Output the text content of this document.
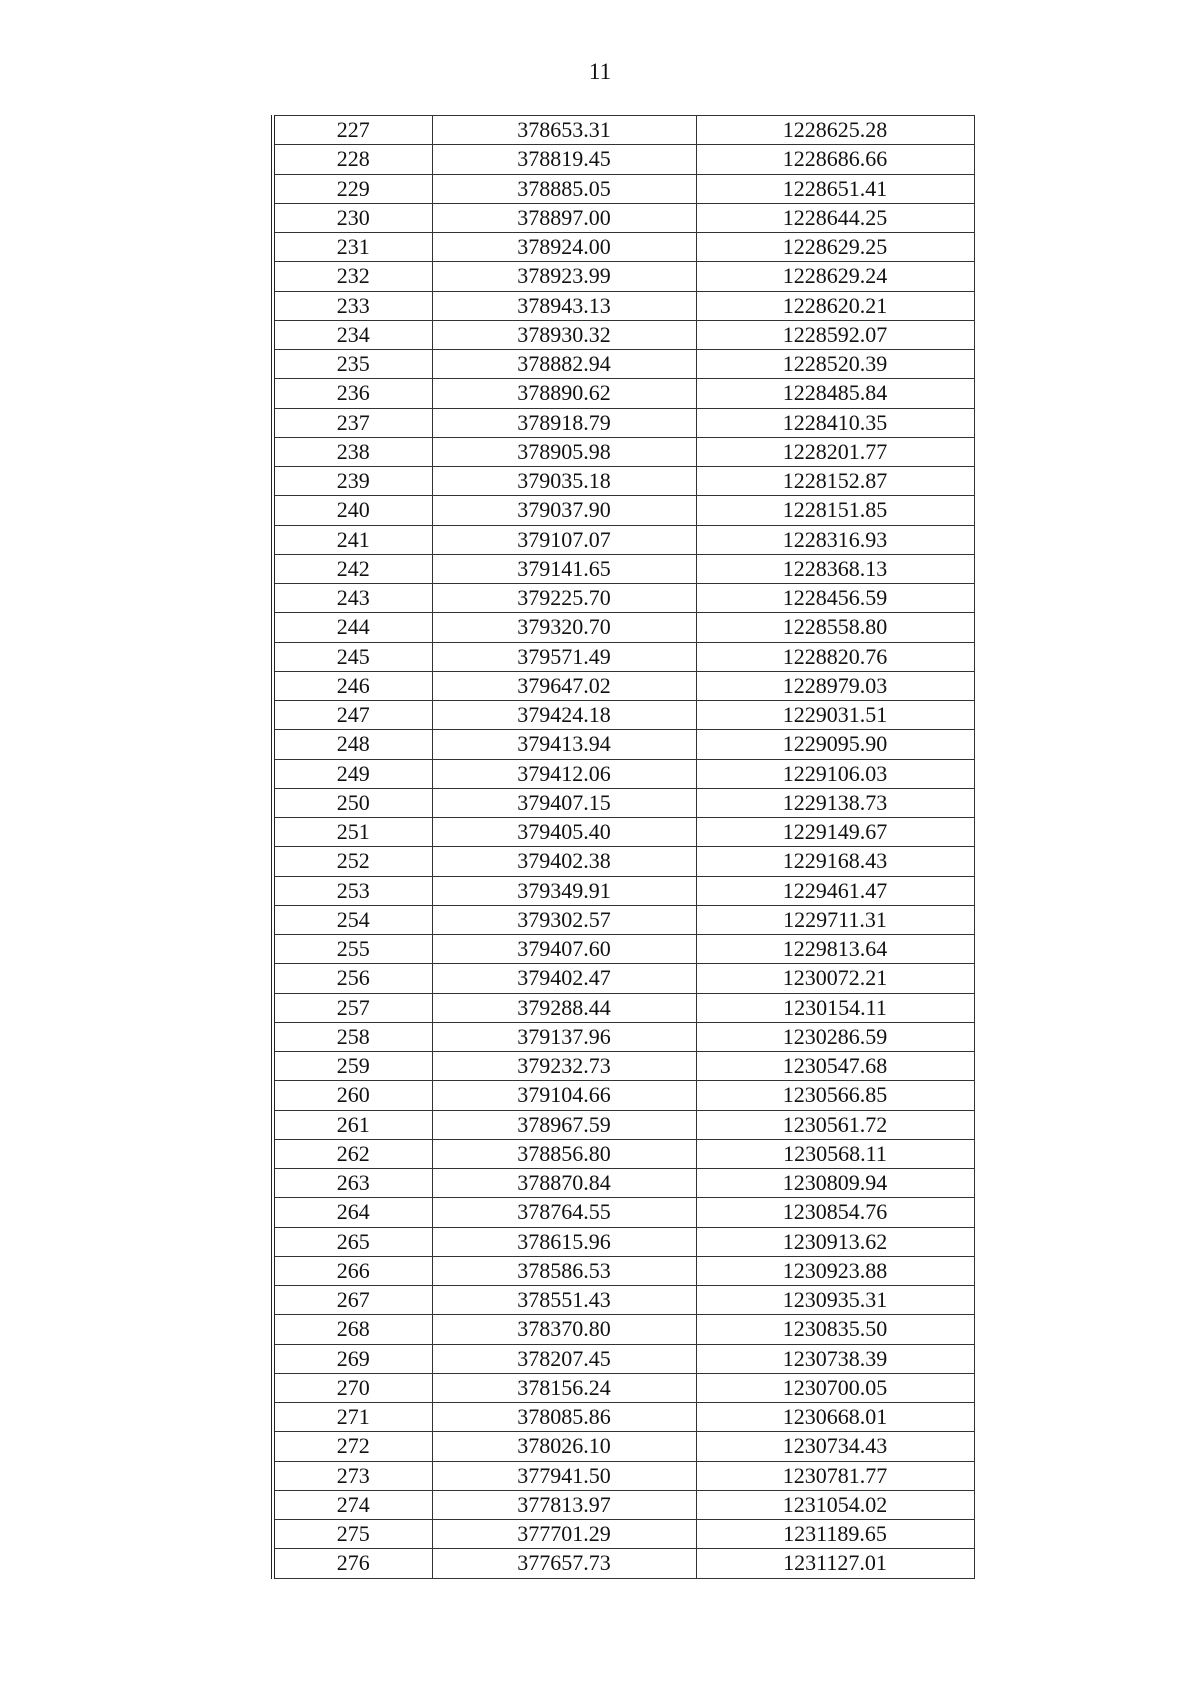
11
227	378653.31	1228625.28
228	378819.45	1228686.66
229	378885.05	1228651.41
230	378897.00	1228644.25
231	378924.00	1228629.25
232	378923.99	1228629.24
233	378943.13	1228620.21
234	378930.32	1228592.07
235	378882.94	1228520.39
236	378890.62	1228485.84
237	378918.79	1228410.35
238	378905.98	1228201.77
239	379035.18	1228152.87
240	379037.90	1228151.85
241	379107.07	1228316.93
242	379141.65	1228368.13
243	379225.70	1228456.59
244	379320.70	1228558.80
245	379571.49	1228820.76
246	379647.02	1228979.03
247	379424.18	1229031.51
248	379413.94	1229095.90
249	379412.06	1229106.03
250	379407.15	1229138.73
251	379405.40	1229149.67
252	379402.38	1229168.43
253	379349.91	1229461.47
254	379302.57	1229711.31
255	379407.60	1229813.64
256	379402.47	1230072.21
257	379288.44	1230154.11
258	379137.96	1230286.59
259	379232.73	1230547.68
260	379104.66	1230566.85
261	378967.59	1230561.72
262	378856.80	1230568.11
263	378870.84	1230809.94
264	378764.55	1230854.76
265	378615.96	1230913.62
266	378586.53	1230923.88
267	378551.43	1230935.31
268	378370.80	1230835.50
269	378207.45	1230738.39
270	378156.24	1230700.05
271	378085.86	1230668.01
272	378026.10	1230734.43
273	377941.50	1230781.77
274	377813.97	1231054.02
275	377701.29	1231189.65
276	377657.73	1231127.01
